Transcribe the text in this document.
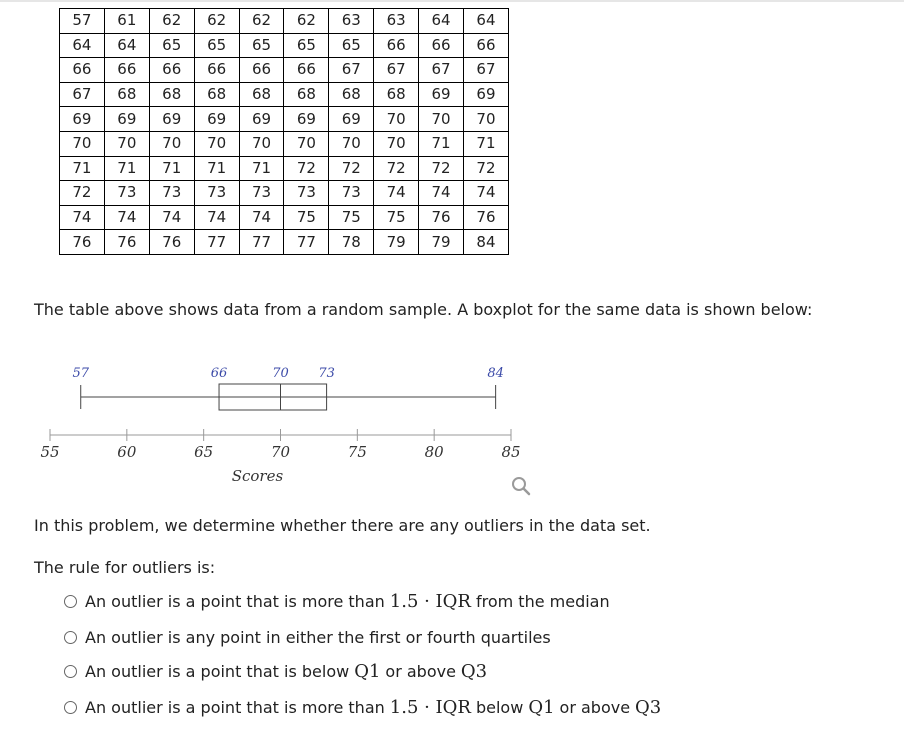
57	61	62	62	62	62	63	63	64	64
64	64	65	65	65	65	65	66	66	66
66	66	66	66	66	66	67	67	67	67
67	68	68	68	68	68	68	68	69	69
69	69	69	69	69	69	69	70	70	70
70	70	70	70	70	70	70	70	71	71
71	71	71	71	71	72	72	72	72	72
72	73	73	73	73	73	73	74	74	74
74	74	74	74	74	75	75	75	76	76
76	76	76	77	77	77	78	79	79	84
The table above shows data from a random sample. A boxplot for the same data is shown below:
57	66	70 73	84
55	60	65	70	75	80	85
Scores
In this problem, we determine whether there are any outliers in the data set.
The rule for outliers is:
An outlier is a point that is more than 1.5 · IQR from the median
An outlier is any point in either the first or fourth quartiles
An outlier is a point that is below Q1 or above Q3
An outlier is a point that is more than 1.5 · IQR below Q1 or above Q3
